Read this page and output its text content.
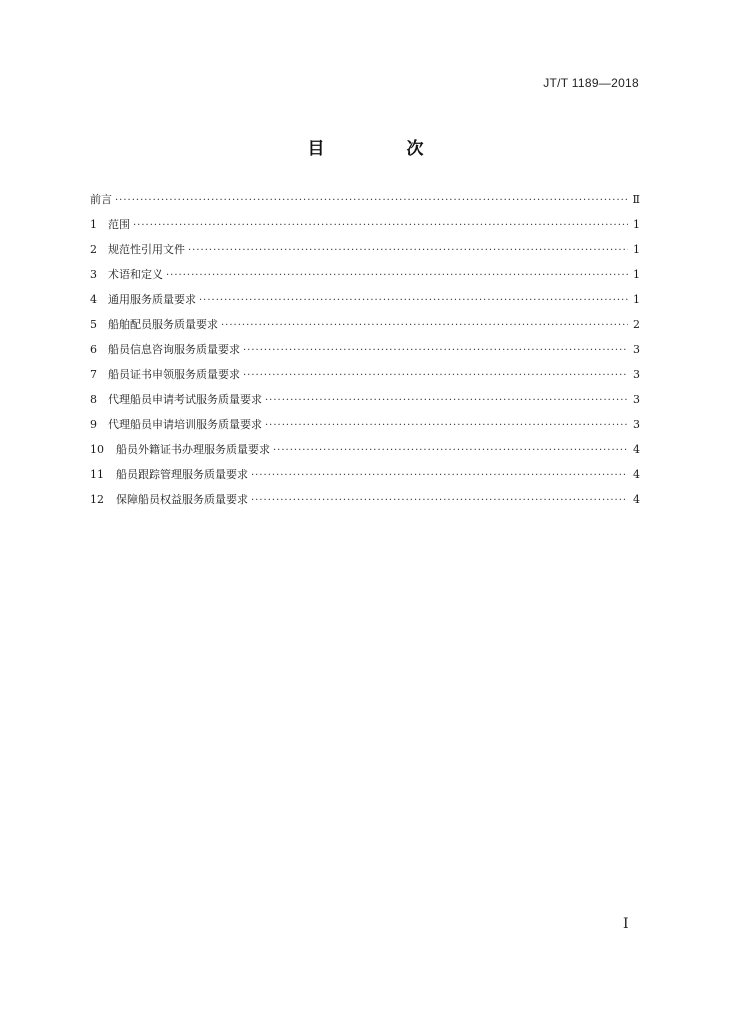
JT/T 1189—2018
目 次
前言 ·····	Ⅱ
1	范围 ·····	1
2	规范性引用文件 ·····	1
3	术语和定义 ·····	1
4	通用服务质量要求 ·····	1
5	船舶配员服务质量要求 ·····	2
6	船员信息咨询服务质量要求 ·····	3
7	船员证书申领服务质量要求 ·····	3
8	代理船员申请考试服务质量要求 ·····	3
9	代理船员申请培训服务质量要求 ·····	3
10	船员外籍证书办理服务质量要求 ·····	4
11	船员跟踪管理服务质量要求 ·····	4
12	保障船员权益服务质量要求 ·····	4
I
